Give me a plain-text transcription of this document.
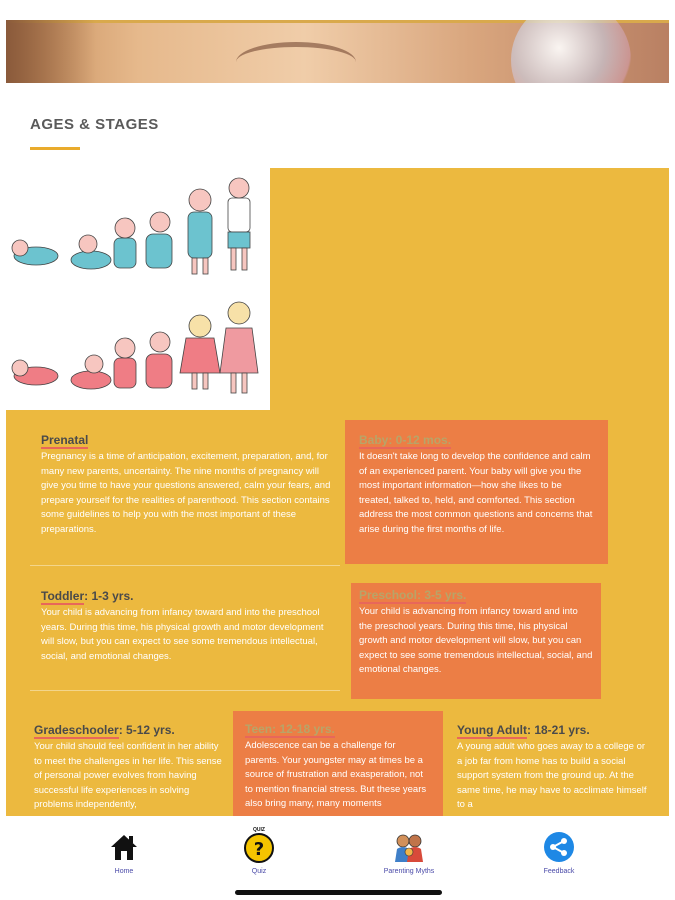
AGES & STAGES
Prenatal

Pregnancy is a time of anticipation, excitement, preparation, and, for many new parents, uncertainty. The nine months of pregnancy will give you time to have your questions answered, calm your fears, and prepare yourself for the realities of parenthood. This section contains some guidelines to help you with the most important of these preparations.

Baby: 0-12 mos.

It doesn't take long to develop the confidence and calm of an experienced parent. Your baby will give you the most important information—how she likes to be treated, talked to, held, and comforted. This section address the most common questions and concerns that arise during the first months of life.

Toddler: 1-3 yrs.

Your child is advancing from infancy toward and into the preschool years. During this time, his physical growth and motor development will slow, but you can expect to see some tremendous intellectual, social, and emotional changes.

Preschool: 3-5 yrs.

Your child is advancing from infancy toward and into the preschool years. During this time, his physical growth and motor development will slow, but you can expect to see some tremendous intellectual, social, and emotional changes.

Gradeschooler: 5-12 yrs.

Your child should feel confident in her ability to meet the challenges in her life. This sense of personal power evolves from having successful life experiences in solving problems independently,

Teen: 12-18 yrs.

Adolescence can be a challenge for parents. Your youngster may at times be a source of frustration and exasperation, not to mention financial stress. But these years also bring many, many moments

Young Adult: 18-21 yrs.

A young adult who goes away to a college or a job far from home has to build a social support system from the ground up. At the same time, he may have to acclimate himself to a

Home
?
QUIZ
Quiz	Parenting Myths	Feedback
